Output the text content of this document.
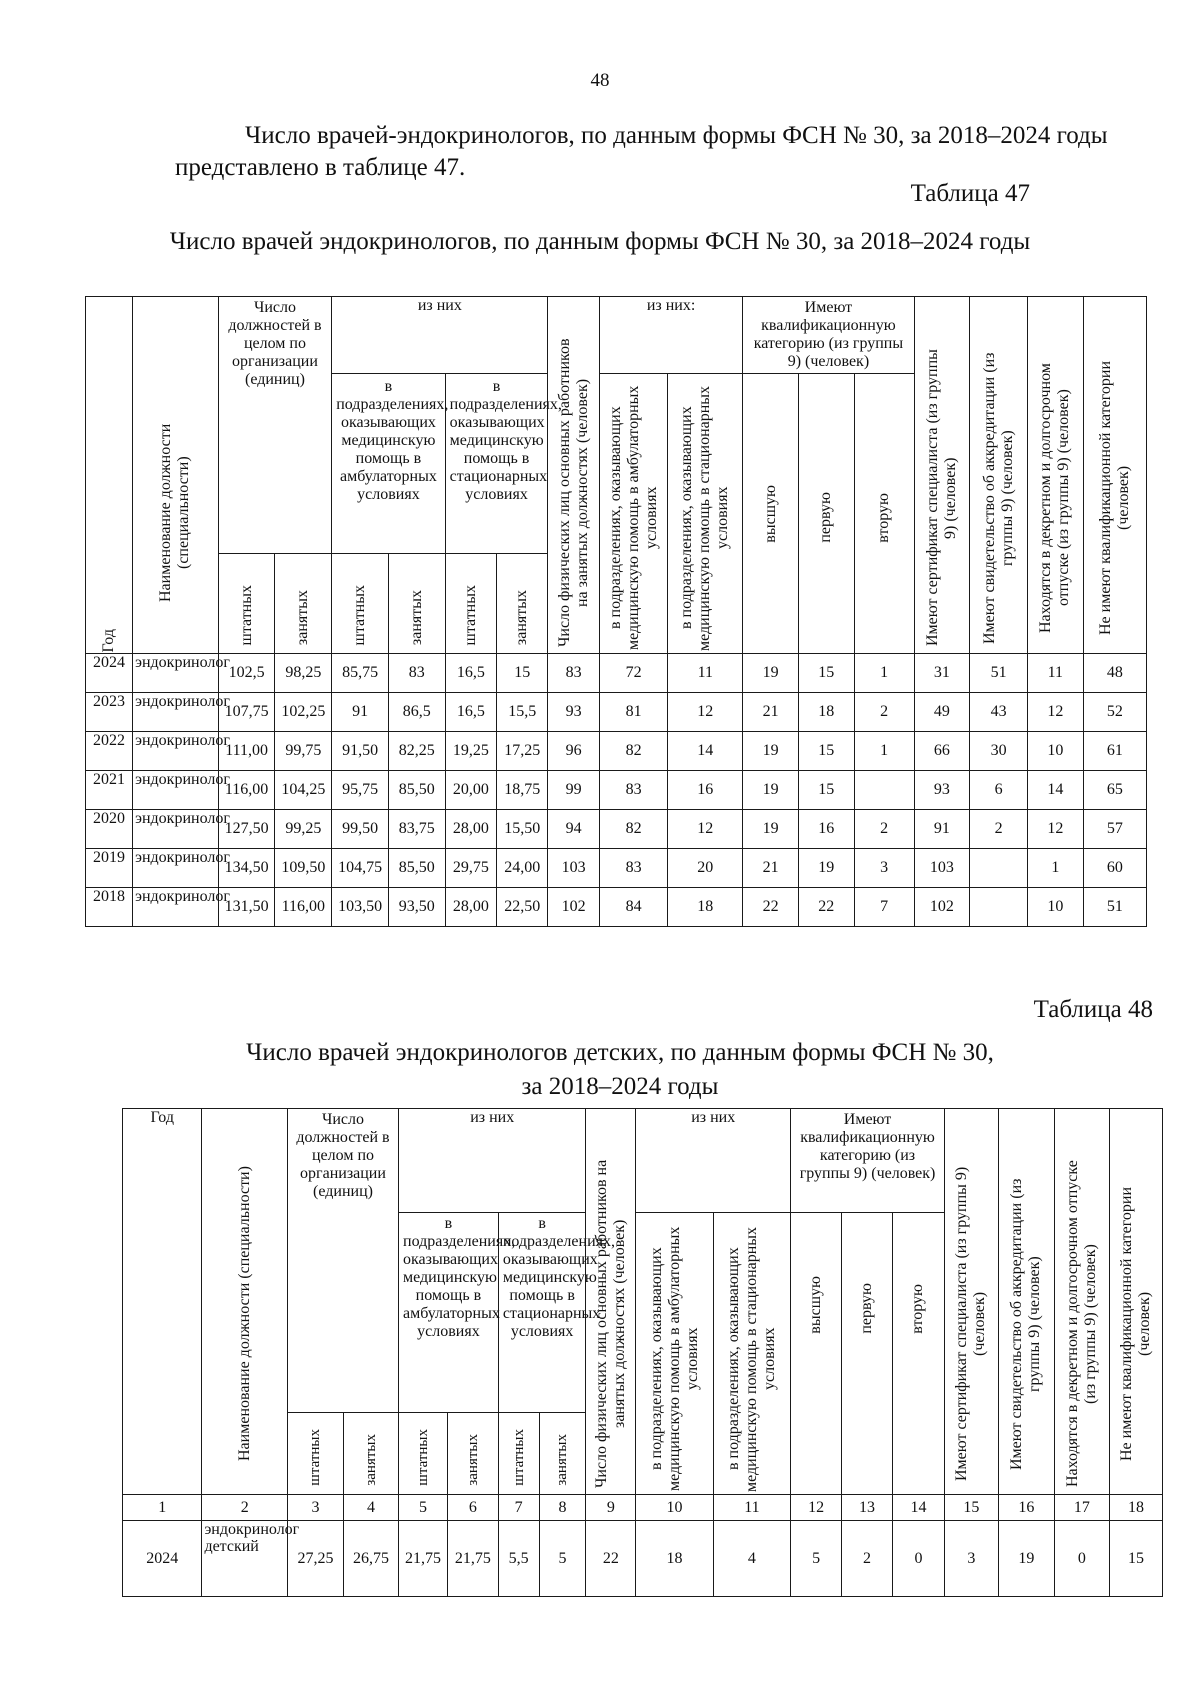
48
Число врачей-эндокринологов, по данным формы ФСН № 30, за 2018–2024 годы представлено в таблице 47.
Таблица 47
Число врачей эндокринологов, по данным формы ФСН № 30, за 2018–2024 годы
Год	Наименование должности (специальности)	Число должностей в целом по организации (единиц)		из них				Число физических лиц основных работников на занятых должностях (человек)	из них:		Имеют квалификационную категорию (из группы 9) (человек)			Имеют сертификат специалиста (из группы 9) (человек)	Имеют свидетельство об аккредитации (из группы 9) (человек)	Находятся в декретном и долгосрочном отпуске (из группы 9) (человек)	Не имеют квалификационной категории (человек)

				в подразделениях, оказывающих медицинскую помощь в амбулаторных условиях		в подразделениях, оказывающих медицинскую помощь в стационарных условиях			в подразделениях, оказывающих медицинскую помощь в амбулаторных условиях	в подразделениях, оказывающих медицинскую помощь в стационарных условиях	высшую	первую	вторую				

		штатных	занятых	штатных	занятых	штатных	занятых										

2024	эндокринолог	102,5	98,25	85,75	83	16,5	15	83	72	11	19	15	1	31	51	11	48
2023	эндокринолог	107,75	102,25	91	86,5	16,5	15,5	93	81	12	21	18	2	49	43	12	52
2022	эндокринолог	111,00	99,75	91,50	82,25	19,25	17,25	96	82	14	19	15	1	66	30	10	61
2021	эндокринолог	116,00	104,25	95,75	85,50	20,00	18,75	99	83	16	19	15		93	6	14	65
2020	эндокринолог	127,50	99,25	99,50	83,75	28,00	15,50	94	82	12	19	16	2	91	2	12	57
2019	эндокринолог	134,50	109,50	104,75	85,50	29,75	24,00	103	83	20	21	19	3	103		1	60
2018	эндокринолог	131,50	116,00	103,50	93,50	28,00	22,50	102	84	18	22	22	7	102		10	51
Таблица 48
Число врачей эндокринологов детских, по данным формы ФСН № 30,
за 2018–2024 годы
Год	Наименование должности (специальности)	Число должностей в целом по организации (единиц)		из них				Число физических лиц основных работников на занятых должностях (человек)	из них		Имеют квалификационную категорию (из группы 9) (человек)			Имеют сертификат специалиста (из группы 9) (человек)	Имеют свидетельство об аккредитации (из группы 9) (человек)	Находятся в декретном и долгосрочном отпуске (из группы 9) (человек)	Не имеют квалификационной категории (человек)

				в подразделениях, оказывающих медицинскую помощь в амбулаторных условиях		в подразделениях, оказывающих медицинскую помощь в стационарных условиях			в подразделениях, оказывающих медицинскую помощь в амбулаторных условиях	в подразделениях, оказывающих медицинскую помощь в стационарных условиях	высшую	первую	вторую				

		штатных	занятых	штатных	занятых	штатных	занятых										

1	2	3	4	5	6	7	8	9	10	11	12	13	14	15	16	17	18
2024	эндокринолог детский	27,25	26,75	21,75	21,75	5,5	5	22	18	4	5	2	0	3	19	0	15
